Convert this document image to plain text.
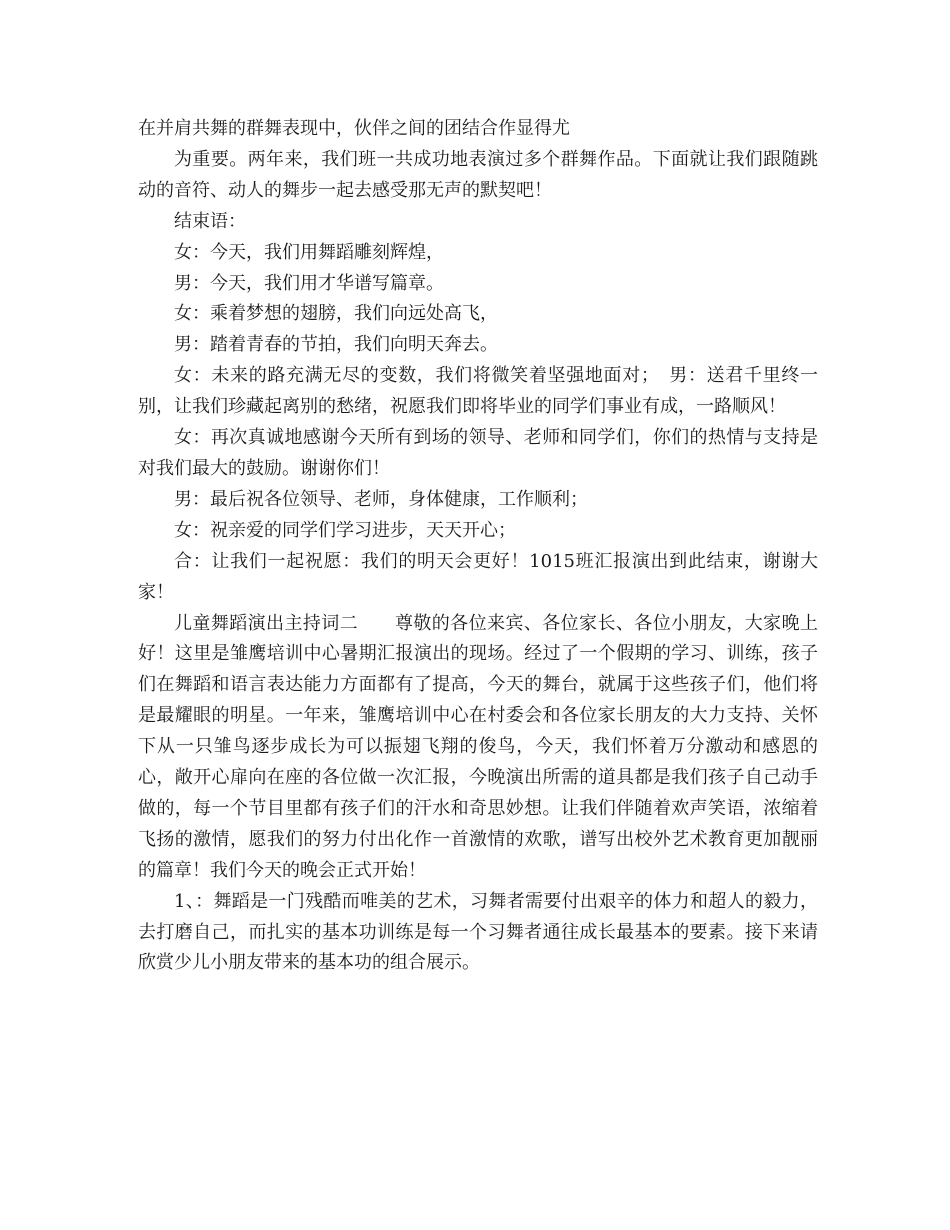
在并肩共舞的群舞表现中，伙伴之间的团结合作显得尤

为重要。两年来，我们班一共成功地表演过多个群舞作品。下面就让我们跟随跳动的音符、动人的舞步一起去感受那无声的默契吧！

结束语：

女：今天，我们用舞蹈雕刻辉煌，

男：今天，我们用才华谱写篇章。

女：乘着梦想的翅膀，我们向远处高飞，

男：踏着青春的节拍，我们向明天奔去。

女：未来的路充满无尽的变数，我们将微笑着坚强地面对；　男：送君千里终一别，让我们珍藏起离别的愁绪，祝愿我们即将毕业的同学们事业有成，一路顺风！

女：再次真诚地感谢今天所有到场的领导、老师和同学们，你们的热情与支持是对我们最大的鼓励。谢谢你们！

男：最后祝各位领导、老师，身体健康，工作顺利；

女：祝亲爱的同学们学习进步，天天开心；

合：让我们一起祝愿：我们的明天会更好！1015班汇报演出到此结束，谢谢大家！

儿童舞蹈演出主持词二　　尊敬的各位来宾、各位家长、各位小朋友，大家晚上好！这里是雏鹰培训中心暑期汇报演出的现场。经过了一个假期的学习、训练，孩子们在舞蹈和语言表达能力方面都有了提高，今天的舞台，就属于这些孩子们，他们将是最耀眼的明星。一年来，雏鹰培训中心在村委会和各位家长朋友的大力支持、关怀下从一只雏鸟逐步成长为可以振翅飞翔的俊鸟，今天，我们怀着万分激动和感恩的心，敞开心扉向在座的各位做一次汇报，今晚演出所需的道具都是我们孩子自己动手做的，每一个节目里都有孩子们的汗水和奇思妙想。让我们伴随着欢声笑语，浓缩着飞扬的激情，愿我们的努力付出化作一首激情的欢歌，谱写出校外艺术教育更加靓丽的篇章！我们今天的晚会正式开始！

1、：舞蹈是一门残酷而唯美的艺术，习舞者需要付出艰辛的体力和超人的毅力，去打磨自己，而扎实的基本功训练是每一个习舞者通往成长最基本的要素。接下来请欣赏少儿小朋友带来的基本功的组合展示。
